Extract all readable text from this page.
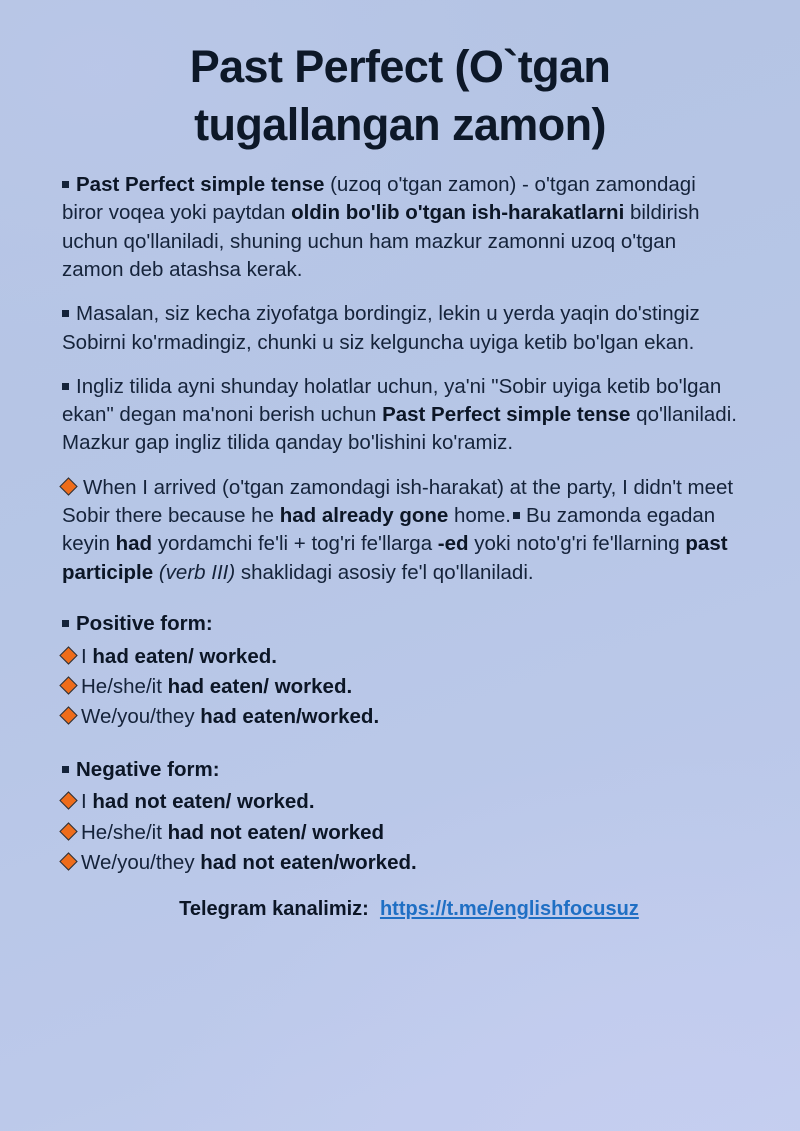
Past Perfect (O`tgan tugallangan zamon)

Past Perfect simple tense (uzoq o'tgan zamon) - o'tgan zamondagi biror voqea yoki paytdan oldin bo'lib o'tgan ish-harakatlarni bildirish uchun qo'llaniladi, shuning uchun ham mazkur zamonni uzoq o'tgan zamon deb atashsa kerak.

Masalan, siz kecha ziyofatga bordingiz, lekin u yerda yaqin do'stingiz Sobirni ko'rmadingiz, chunki u siz kelguncha uyiga ketib bo'lgan ekan.

Ingliz tilida ayni shunday holatlar uchun, ya'ni "Sobir uyiga ketib bo'lgan ekan" degan ma'noni berish uchun Past Perfect simple tense qo'llaniladi. Mazkur gap ingliz tilida qanday bo'lishini ko'ramiz.

When I arrived (o'tgan zamondagi ish-harakat) at the party, I didn't meet Sobir there because he had already gone home. Bu zamonda egadan keyin had yordamchi fe'li + tog'ri fe'llarga -ed yoki noto'g'ri fe'llarning past participle (verb III) shaklidagi asosiy fe'l qo'llaniladi.

Positive form:

I had eaten/ worked.

He/she/it had eaten/ worked.

We/you/they had eaten/worked.

Negative form:

I had not eaten/ worked.

He/she/it had not eaten/ worked

We/you/they had not eaten/worked.

Telegram kanalimiz: https://t.me/englishfocusuz
